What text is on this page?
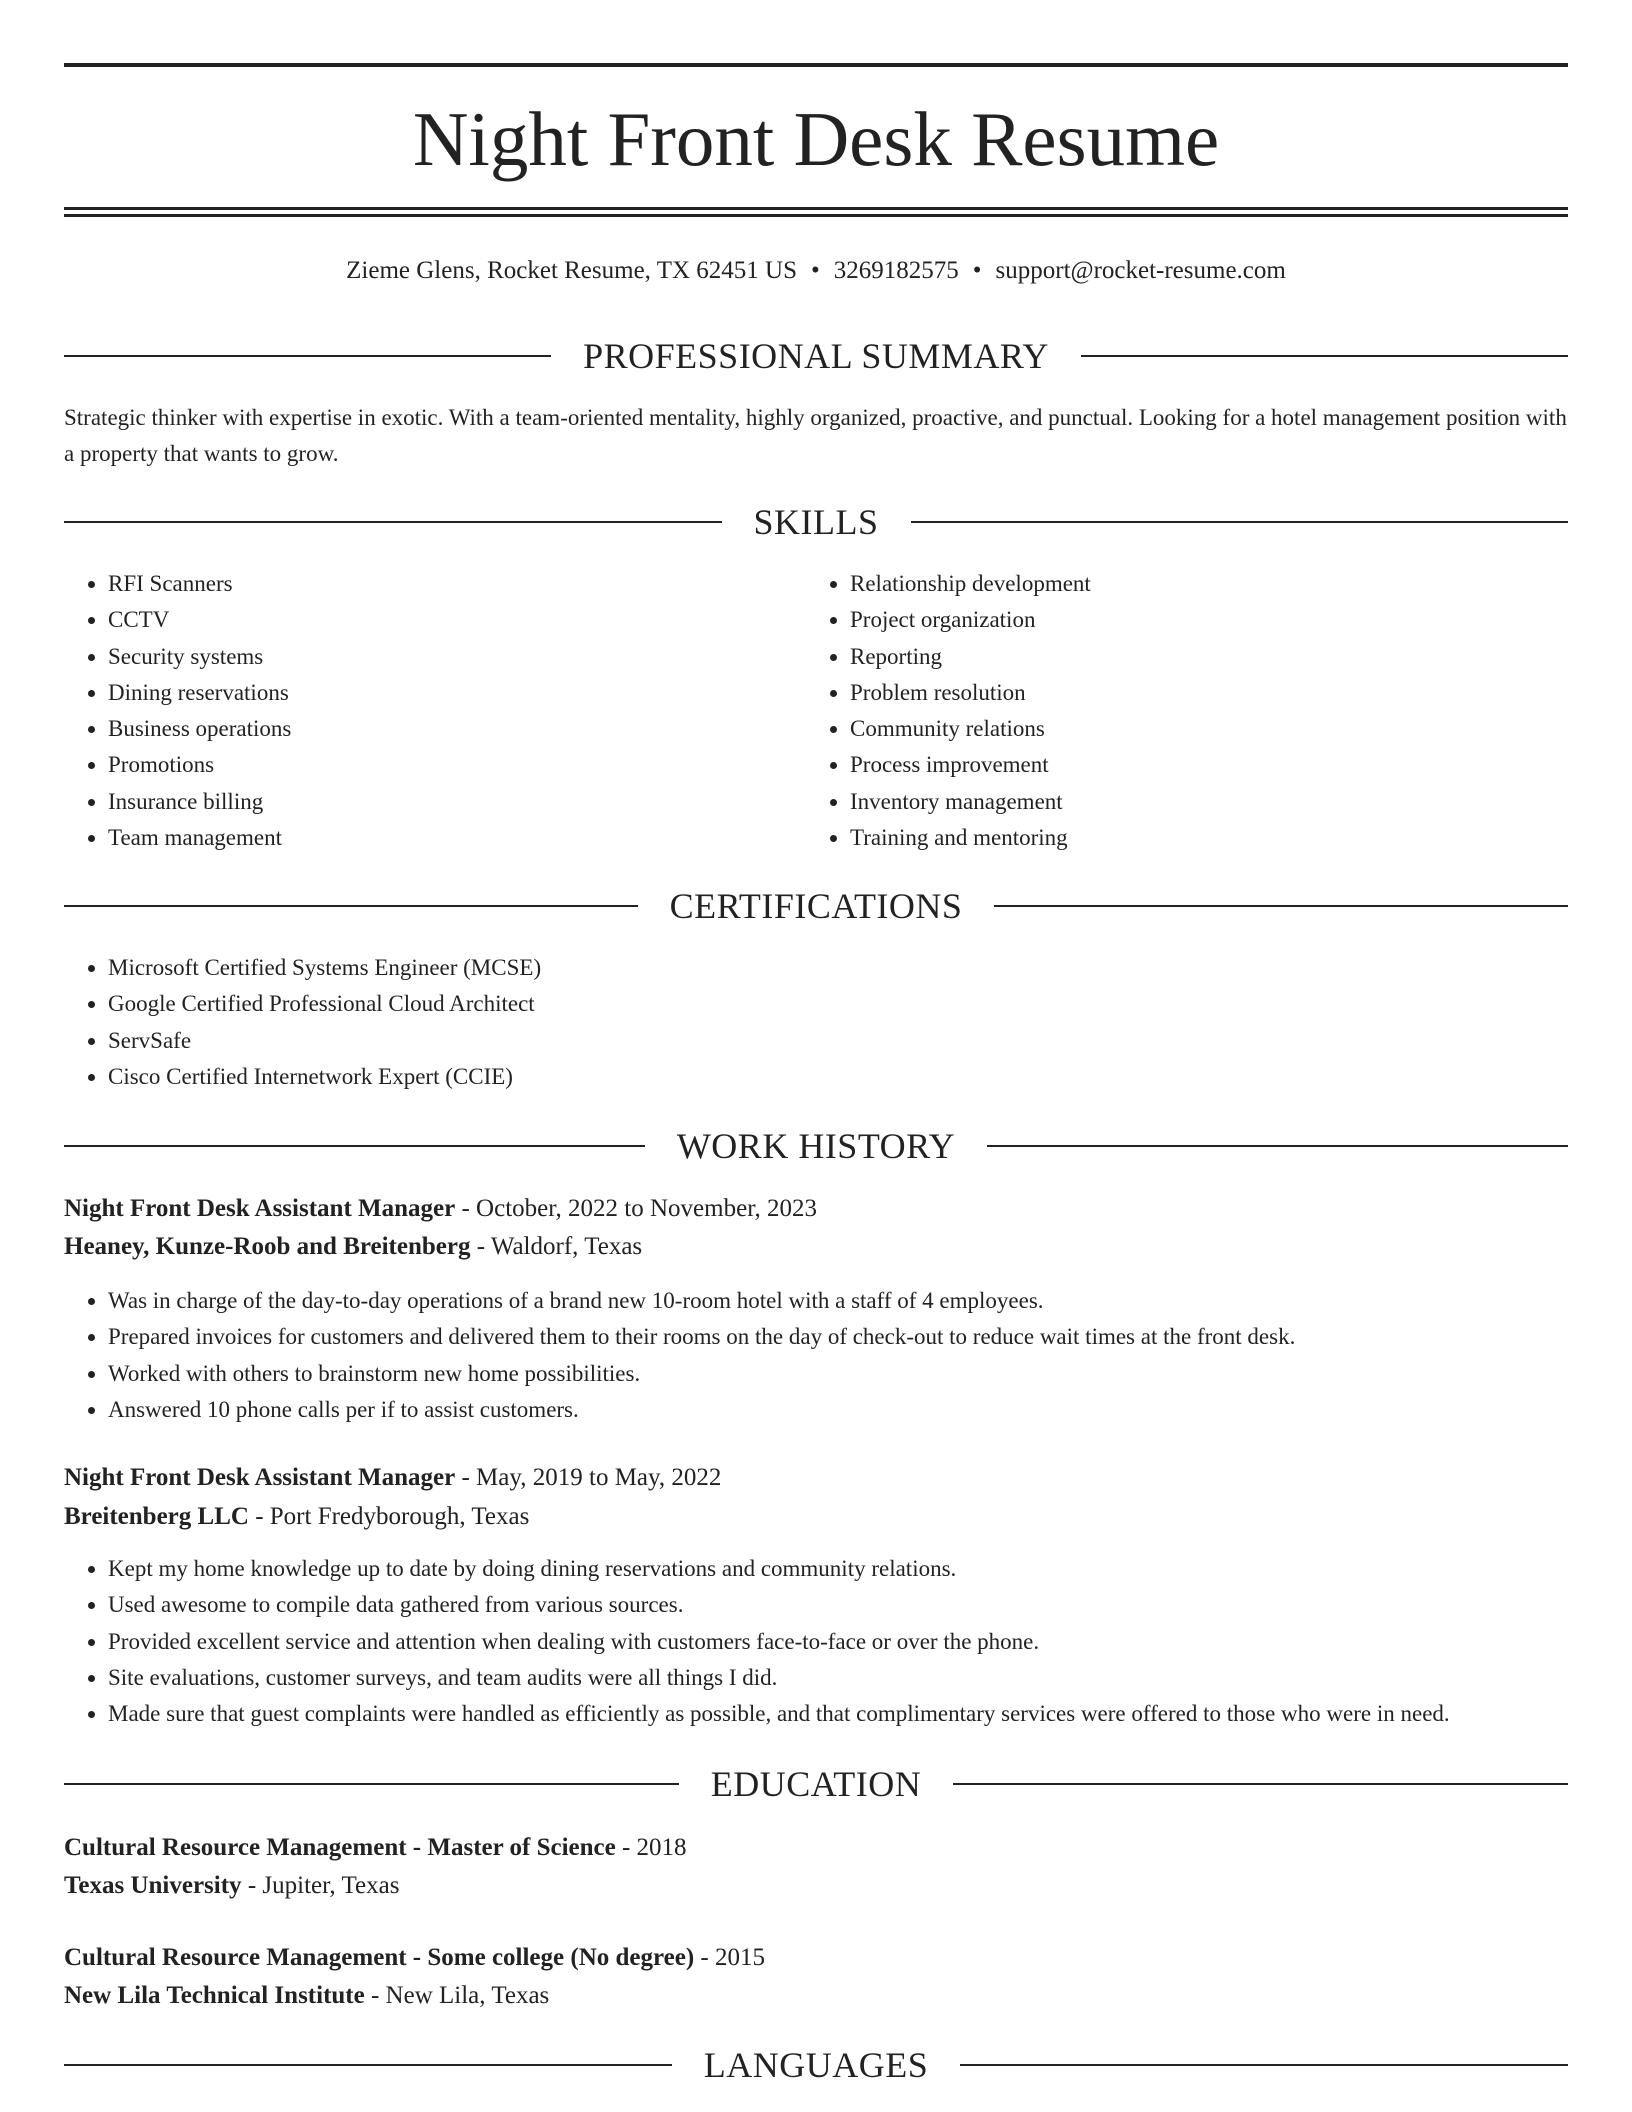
Night Front Desk Resume
Zieme Glens, Rocket Resume, TX 62451 US • 3269182575 • support@rocket-resume.com
PROFESSIONAL SUMMARY
Strategic thinker with expertise in exotic. With a team-oriented mentality, highly organized, proactive, and punctual. Looking for a hotel management position with a property that wants to grow.
SKILLS
• RFI Scanners
• CCTV
• Security systems
• Dining reservations
• Business operations
• Promotions
• Insurance billing
• Team management
• Relationship development
• Project organization
• Reporting
• Problem resolution
• Community relations
• Process improvement
• Inventory management
• Training and mentoring
CERTIFICATIONS
• Microsoft Certified Systems Engineer (MCSE)
• Google Certified Professional Cloud Architect
• ServSafe
• Cisco Certified Internetwork Expert (CCIE)
WORK HISTORY
Night Front Desk Assistant Manager - October, 2022 to November, 2023
Heaney, Kunze-Roob and Breitenberg - Waldorf, Texas
• Was in charge of the day-to-day operations of a brand new 10-room hotel with a staff of 4 employees.
• Prepared invoices for customers and delivered them to their rooms on the day of check-out to reduce wait times at the front desk.
• Worked with others to brainstorm new home possibilities.
• Answered 10 phone calls per if to assist customers.
Night Front Desk Assistant Manager - May, 2019 to May, 2022
Breitenberg LLC - Port Fredyborough, Texas
• Kept my home knowledge up to date by doing dining reservations and community relations.
• Used awesome to compile data gathered from various sources.
• Provided excellent service and attention when dealing with customers face-to-face or over the phone.
• Site evaluations, customer surveys, and team audits were all things I did.
• Made sure that guest complaints were handled as efficiently as possible, and that complimentary services were offered to those who were in need.
EDUCATION
Cultural Resource Management - Master of Science - 2018
Texas University - Jupiter, Texas
Cultural Resource Management - Some college (No degree) - 2015
New Lila Technical Institute - New Lila, Texas
LANGUAGES
